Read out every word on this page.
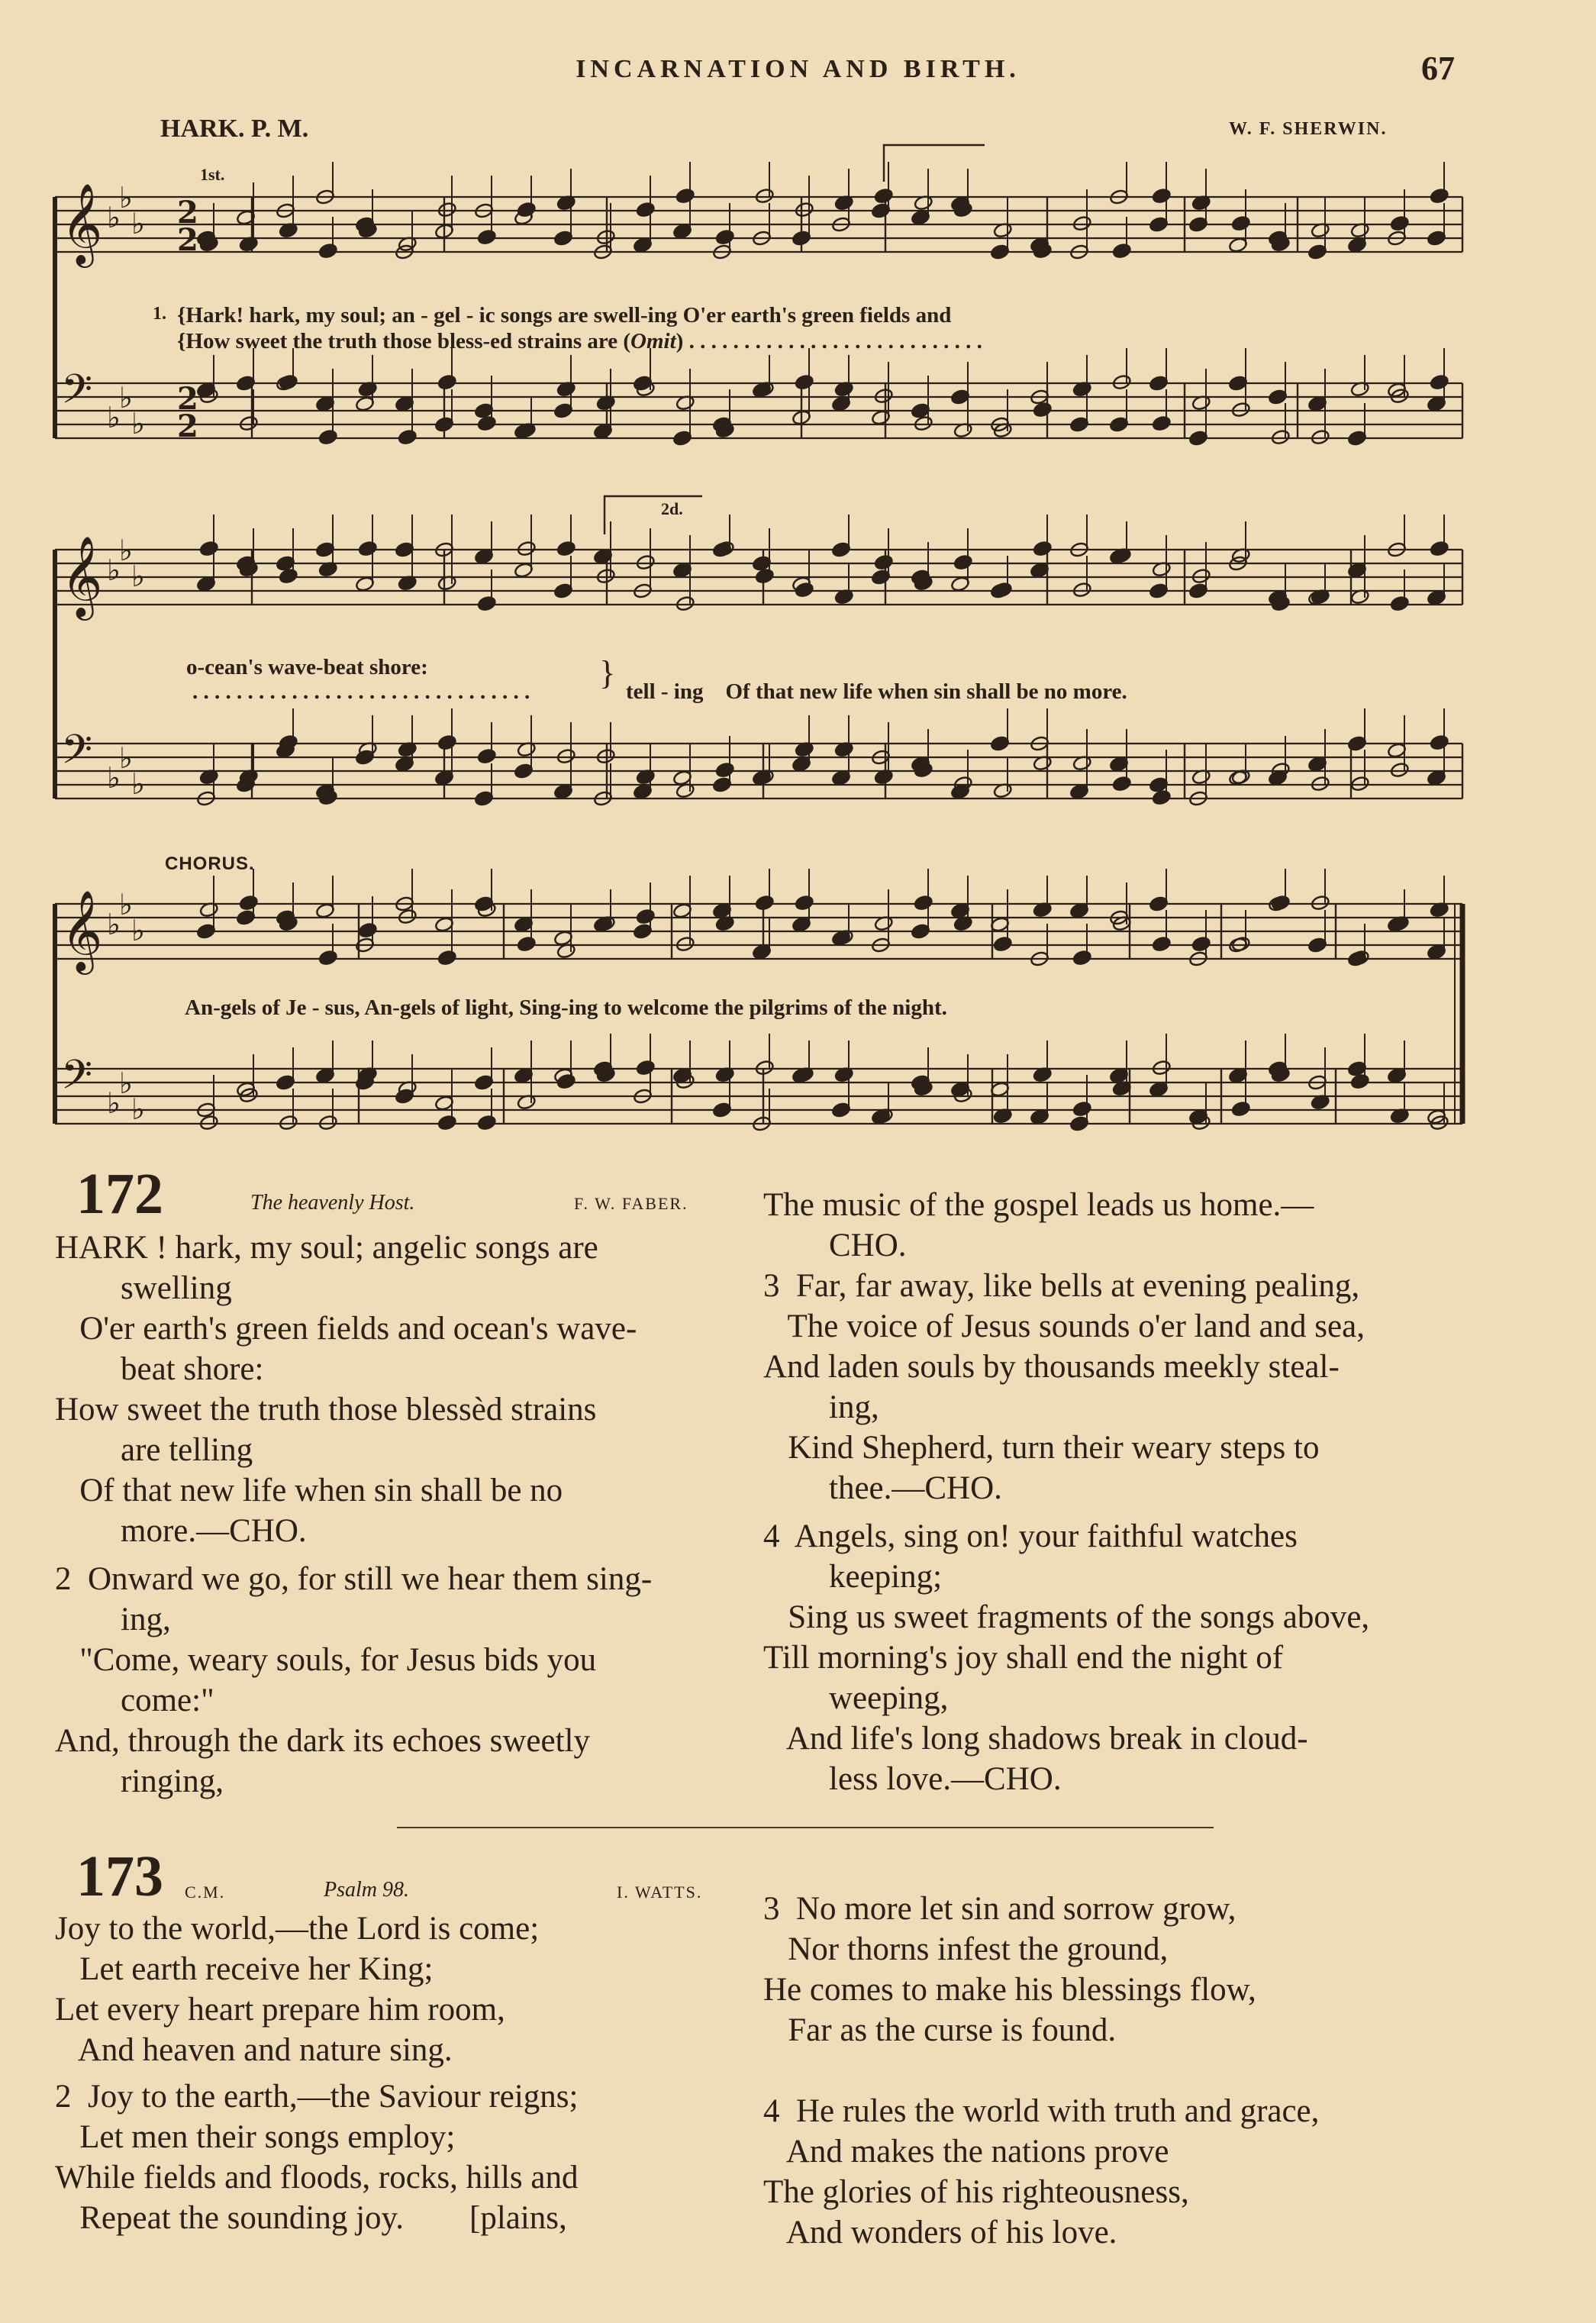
INCARNATION AND BIRTH.	67
HARK. P. M.	W. F. SHERWIN.
𝄞 ♭
♭
♭
𝄢 ♭
♭
♭
2
2
2
2
𝄞 ♭
♭
♭
𝄢 ♭
♭
♭
𝄞 ♭
♭
♭
𝄢 ♭
♭
♭
1st.
2d.
1. {Hark! hark, my soul; an - gel - ic songs are swell-ing O'er earth's green fields and
{How sweet the truth those bless-ed strains are (Omit) . . . . . . . . . . . . . . . . . . . . . . . . . . .
o-cean's wave-beat shore:
. . . . . . . . . . . . . . . . . . . . . . . . . . . . . . . } tell - ing    Of that new life when sin shall be no more.
CHORUS.
An-gels of Je - sus, An-gels of light, Sing-ing to welcome the pilgrims of the night.
172	The heavenly Host.	F. W. FABER.
HARK ! hark, my soul; angelic songs are
swelling
O'er earth's green fields and ocean's wave-
beat shore:
How sweet the truth those blessèd strains
are telling
Of that new life when sin shall be no
more.—CHO.
2  Onward we go, for still we hear them sing-
ing,
"Come, weary souls, for Jesus bids you
come:"
And, through the dark its echoes sweetly
ringing,
The music of the gospel leads us home.—
CHO.
3  Far, far away, like bells at evening pealing,
The voice of Jesus sounds o'er land and sea,
And laden souls by thousands meekly steal-
ing,
Kind Shepherd, turn their weary steps to
thee.—CHO.
4  Angels, sing on! your faithful watches
keeping;
Sing us sweet fragments of the songs above,
Till morning's joy shall end the night of
weeping,
And life's long shadows break in cloud-
less love.—CHO.
173 C.M.	Psalm 98.	I. WATTS.
Joy to the world,—the Lord is come;
Let earth receive her King;
Let every heart prepare him room,
And heaven and nature sing.
2  Joy to the earth,—the Saviour reigns;
Let men their songs employ;
While fields and floods, rocks, hills and
Repeat the sounding joy.        [plains,
3  No more let sin and sorrow grow,
Nor thorns infest the ground,
He comes to make his blessings flow,
Far as the curse is found.
4  He rules the world with truth and grace,
And makes the nations prove
The glories of his righteousness,
And wonders of his love.
